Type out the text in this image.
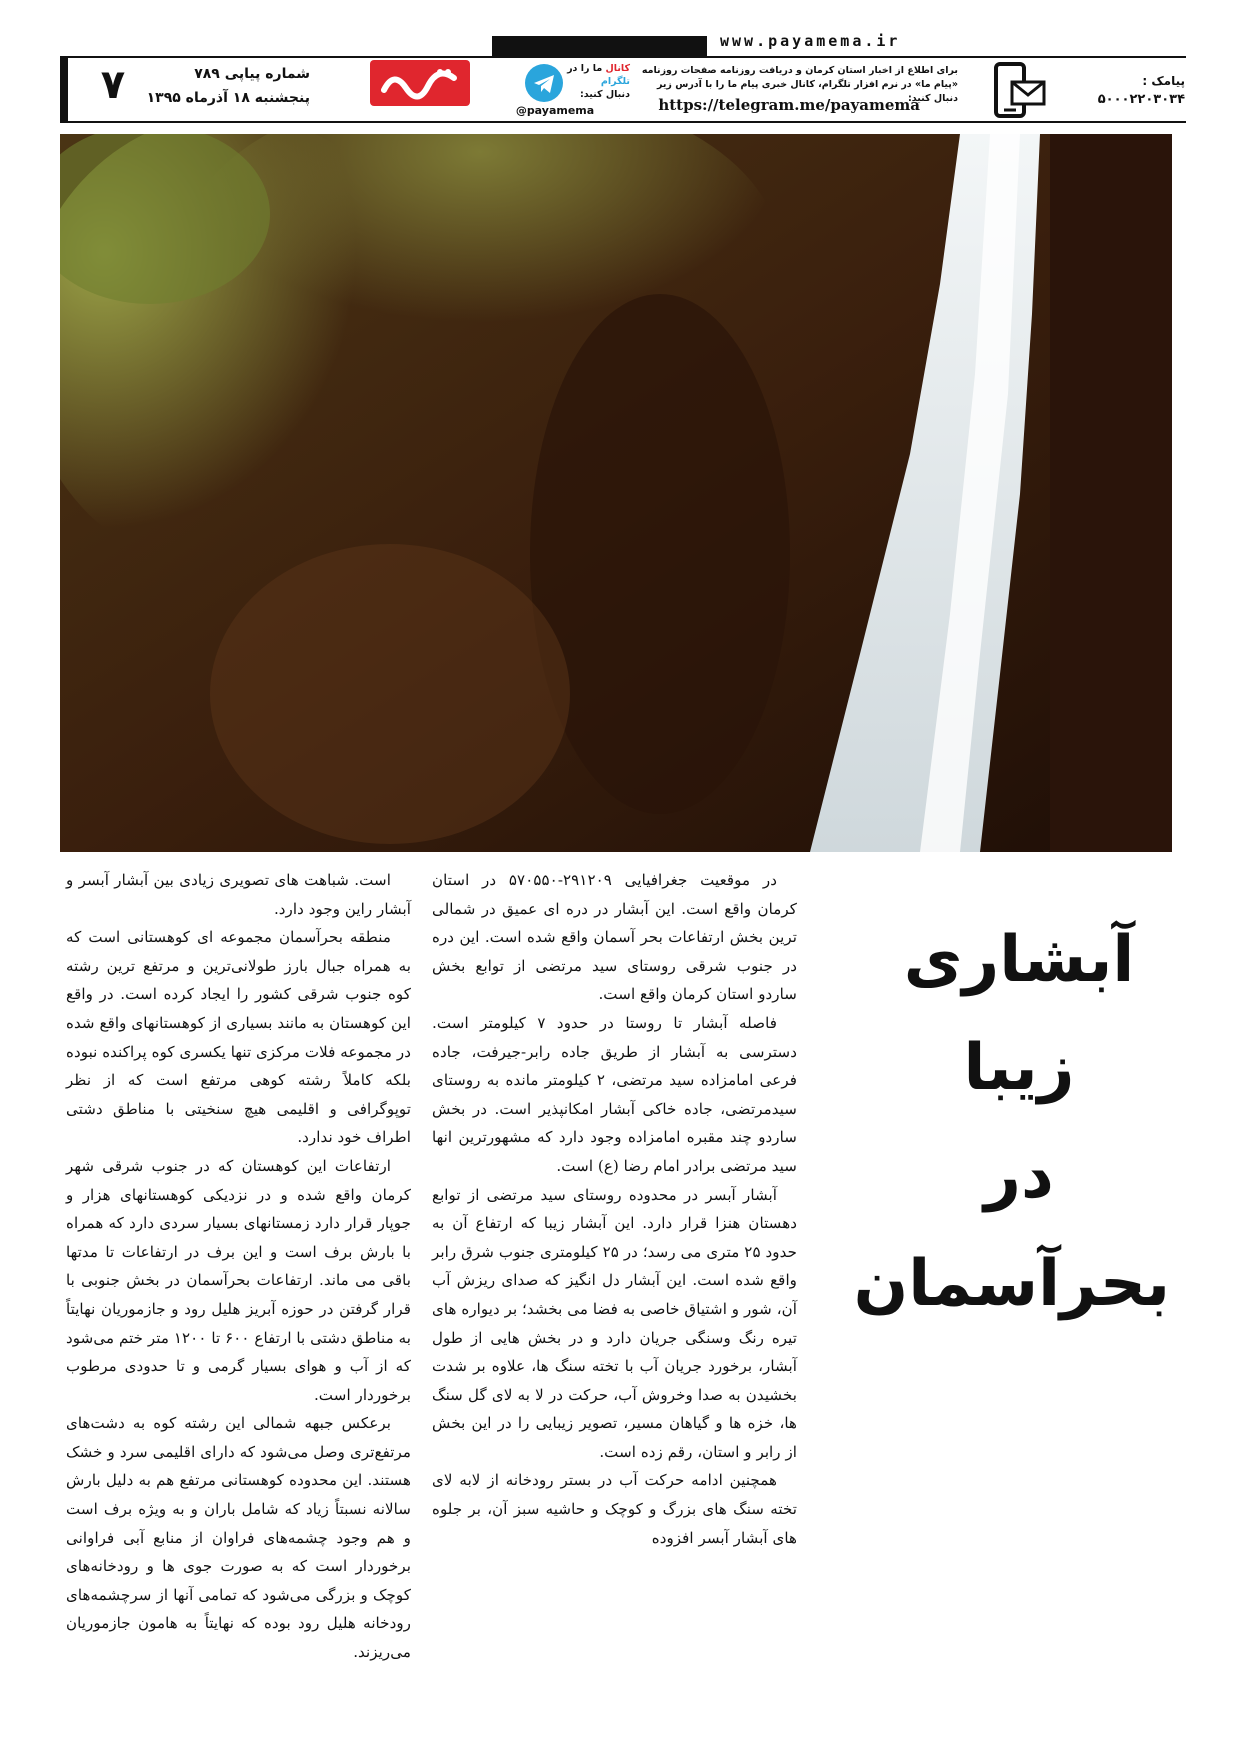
www.payamema.ir
۷	شماره پیاپی ۷۸۹
پنجشنبه ۱۸ آذرماه ۱۳۹۵
@payamema
کانال ما را در
تلگرام
دنبال کنید:
برای اطلاع از اخبار استان کرمان و دریافت روزنامه صفحات روزنامه «پیام ما» در نرم افزار تلگرام، کانال خبری پیام ما را با آدرس زیر دنبال کنید:
https://telegram.me/payamema
پیامک :
۵۰۰۰۲۲۰۳۰۳۴
آبشاری
زیبا
در
بحرآسمان

در موقعیت جغرافیایی ۲۹۱۲۰۹-۵۷۰۵۵۰ در استان کرمان واقع است. این آبشار در دره ای عمیق در شمالی ترین بخش ارتفاعات بحر آسمان واقع شده است. این دره در جنوب شرقی روستای سید مرتضی از توابع بخش ساردو استان کرمان واقع است.

فاصله آبشار تا روستا در حدود ۷ کیلومتر است. دسترسی به آبشار از طریق جاده رابر-جیرفت، جاده فرعی امامزاده سید مرتضی، ۲ کیلومتر مانده به روستای سیدمرتضی، جاده خاکی آبشار امکانپذیر است. در بخش ساردو چند مقبره امامزاده وجود دارد که مشهورترین انها سید مرتضی برادر امام رضا (ع) است.

آبشار آبسر در محدوده روستای سید مرتضی از توابع دهستان هنزا قرار دارد. این آبشار زیبا که ارتفاع آن به حدود ۲۵ متری می رسد؛ در ۲۵ کیلومتری جنوب شرق رابر واقع شده است. این آبشار دل انگیز که صدای ریزش آب آن، شور و اشتیاق خاصی به فضا می بخشد؛ بر دیواره های تیره رنگ وسنگی جریان دارد و در بخش هایی از طول آبشار، برخورد جریان آب با تخته سنگ ها، علاوه بر شدت بخشیدن به صدا وخروش آب، حرکت در لا به لای گل سنگ ها، خزه ها و گیاهان مسیر، تصویر زیبایی را در این بخش از رابر و استان، رقم زده است.

همچنین ادامه حرکت آب در بستر رودخانه از لابه لای تخته سنگ های بزرگ و کوچک و حاشیه سبز آن، بر جلوه های آبشار آبسر افزوده

است. شباهت های تصویری زیادی بین آبشار آبسر و آبشار راین وجود دارد.

منطقه بحرآسمان مجموعه ای کوهستانی است که به همراه جبال بارز طولانی‌ترین و مرتفع ترین رشته کوه جنوب شرقی کشور را ایجاد کرده است. در واقع این کوهستان به مانند بسیاری از کوهستانهای واقع شده در مجموعه فلات مرکزی تنها یکسری کوه پراکنده نبوده بلکه کاملاً رشته کوهی مرتفع است که از نظر توپوگرافی و اقلیمی هیچ سنخیتی با مناطق دشتی اطراف خود ندارد.

ارتفاعات این کوهستان که در جنوب شرقی شهر کرمان واقع شده و در نزدیکی کوهستانهای هزار و جوپار قرار دارد زمستانهای بسیار سردی دارد که همراه با بارش برف است و این برف در ارتفاعات تا مدتها باقی می ماند. ارتفاعات بحرآسمان در بخش جنوبی با قرار گرفتن در حوزه آبریز هلیل رود و جازموریان نهایتاً به مناطق دشتی با ارتفاع ۶۰۰ تا ۱۲۰۰ متر ختم می‌شود که از آب و هوای بسیار گرمی و تا حدودی مرطوب برخوردار است.

برعکس جبهه شمالی این رشته کوه به دشت‌های مرتفع‌تری وصل می‌شود که دارای اقلیمی سرد و خشک هستند. این محدوده کوهستانی مرتفع هم به دلیل بارش سالانه نسبتاً زیاد که شامل باران و به ویژه برف است و هم وجود چشمه‌های فراوان از منابع آبی فراوانی برخوردار است که به صورت جوی ها و رودخانه‌های کوچک و بزرگی می‌شود که تمامی آنها از سرچشمه‌های رودخانه هلیل رود بوده که نهایتاً به هامون جازموریان می‌ریزند.
